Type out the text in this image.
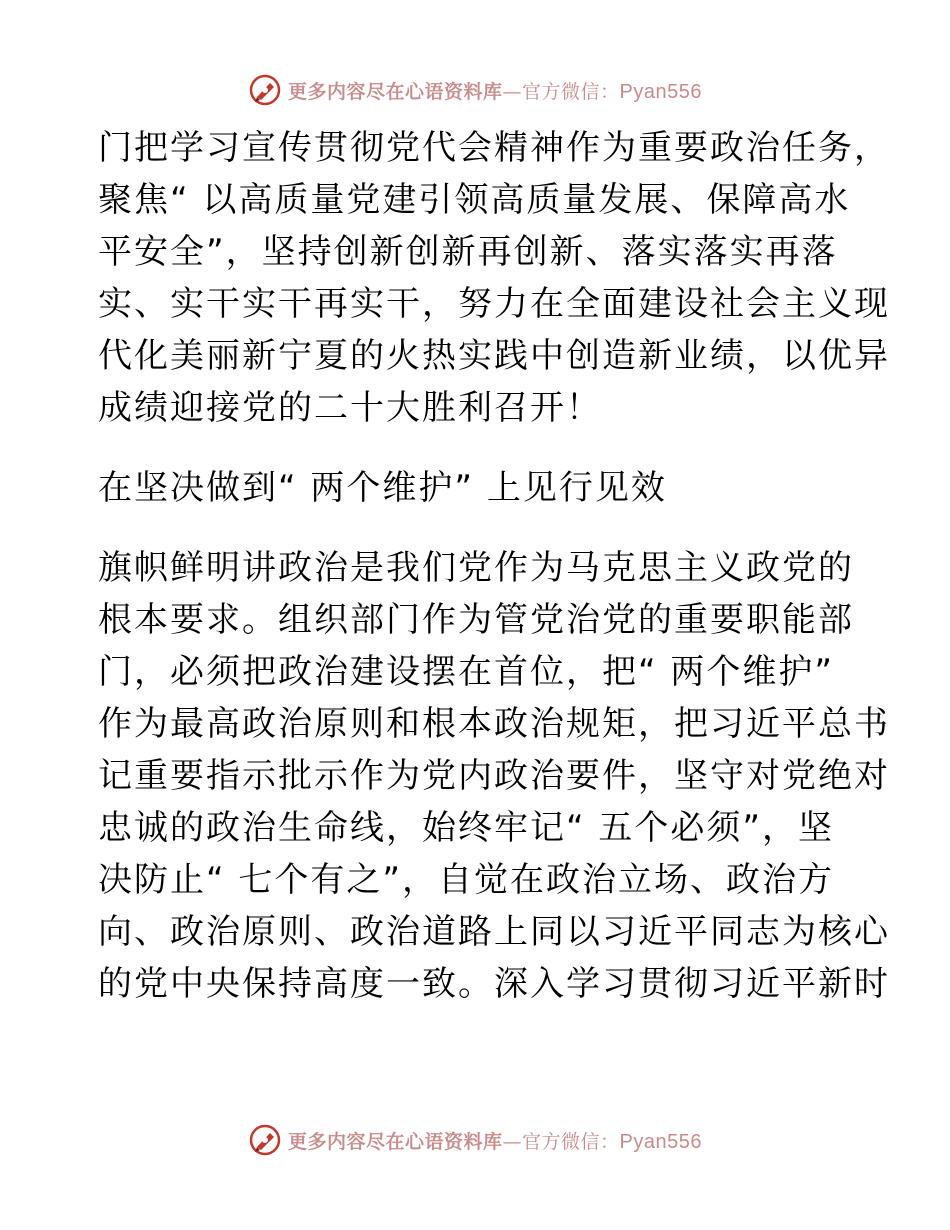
更多内容尽在心语资料库—官方微信：Pyan556
门把学习宣传贯彻党代会精神作为重要政治任务，
聚焦“ 以高质量党建引领高质量发展、保障高水
平安全”，坚持创新创新再创新、落实落实再落
实、实干实干再实干，努力在全面建设社会主义现
代化美丽新宁夏的火热实践中创造新业绩，以优异
成绩迎接党的二十大胜利召开！
在坚决做到“ 两个维护” 上见行见效
旗帜鲜明讲政治是我们党作为马克思主义政党的
根本要求。组织部门作为管党治党的重要职能部
门，必须把政治建设摆在首位，把“ 两个维护”
作为最高政治原则和根本政治规矩，把习近平总书
记重要指示批示作为党内政治要件，坚守对党绝对
忠诚的政治生命线，始终牢记“ 五个必须”，坚
决防止“ 七个有之”，自觉在政治立场、政治方
向、政治原则、政治道路上同以习近平同志为核心
的党中央保持高度一致。深入学习贯彻习近平新时
更多内容尽在心语资料库—官方微信：Pyan556
